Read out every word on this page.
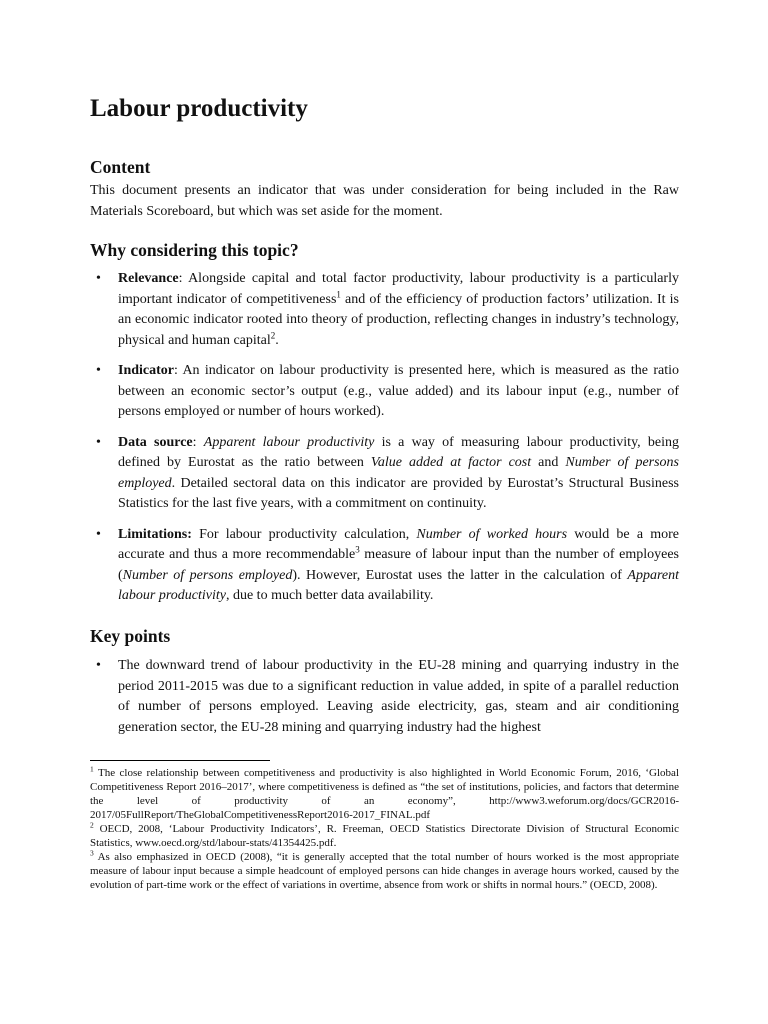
Labour productivity
Content

This document presents an indicator that was under consideration for being included in the Raw Materials Scoreboard, but which was set aside for the moment.

Why considering this topic?
• Relevance: Alongside capital and total factor productivity, labour productivity is a particularly important indicator of competitiveness$^1$ and of the efficiency of production factors’ utilization. It is an economic indicator rooted into theory of production, reflecting changes in industry’s technology, physical and human capital$^2$.
• Indicator: An indicator on labour productivity is presented here, which is measured as the ratio between an economic sector’s output (e.g., value added) and its labour input (e.g., number of persons employed or number of hours worked).
• Data source: Apparent labour productivity is a way of measuring labour productivity, being defined by Eurostat as the ratio between Value added at factor cost and Number of persons employed. Detailed sectoral data on this indicator are provided by Eurostat’s Structural Business Statistics for the last five years, with a commitment on continuity.
• Limitations: For labour productivity calculation, Number of worked hours would be a more accurate and thus a more recommendable$^3$ measure of labour input than the number of employees (Number of persons employed). However, Eurostat uses the latter in the calculation of Apparent labour productivity, due to much better data availability.
Key points
• The downward trend of labour productivity in the EU-28 mining and quarrying industry in the period 2011-2015 was due to a significant reduction in value added, in spite of a parallel reduction of number of persons employed. Leaving aside electricity, gas, steam and air conditioning generation sector, the EU-28 mining and quarrying industry had the highest

$^1$ The close relationship between competitiveness and productivity is also highlighted in World Economic Forum, 2016, ‘Global Competitiveness Report 2016–2017’, where competitiveness is defined as “the set of institutions, policies, and factors that determine the level of productivity of an economy”, http://www3.weforum.org/docs/GCR2016-2017/05FullReport/TheGlobalCompetitivenessReport2016-2017_FINAL.pdf

$^2$ OECD, 2008, ‘Labour Productivity Indicators’, R. Freeman, OECD Statistics Directorate Division of Structural Economic Statistics, www.oecd.org/std/labour-stats/41354425.pdf.

$^3$ As also emphasized in OECD (2008), “it is generally accepted that the total number of hours worked is the most appropriate measure of labour input because a simple headcount of employed persons can hide changes in average hours worked, caused by the evolution of part-time work or the effect of variations in overtime, absence from work or shifts in normal hours.” (OECD, 2008).
